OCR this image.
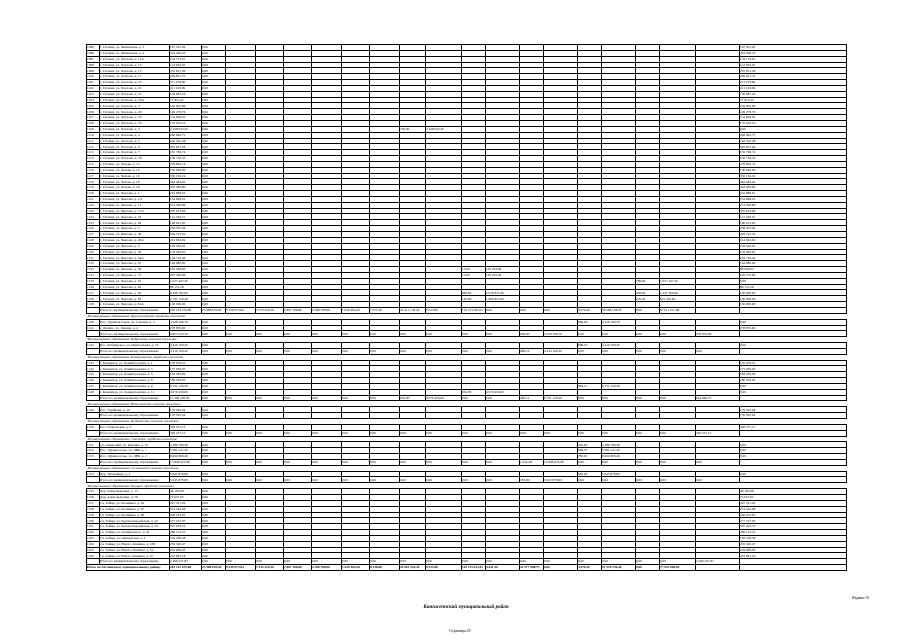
1096	г. Гатчина, ул. Филиппова, д. 3	167 301,92	0,00																		167 301,92
1096	г. Гатчина, ул. Филиппова, д. 4	419 206,43	0,00																		419 206,43
1097	г. Гатчина, ул. Хохлова, д. 11А	134 773,91	0,00																		134 773,91
1098	г. Гатчина, ул. Хохлова, д. 13	112 956,45	0,00																		112 956,45
1099	г. Гатчина, ул. Хохлова, д. 15	255 851,39	0,00																		255 851,39
1100	г. Гатчина, ул. Хохлова, д. 17	209 821,31	0,00																		209 821,31
1101	г. Гатчина, ул. Хохлова, д. 19	211 278,66	0,00																		211 278,66
1102	г. Гатчина, ул. Хохлова, д. 21	211 910,99	0,00																		211 910,99
1103	г. Гатчина, ул. Хохлова, д. 23	156 687,24	0,00																		156 687,24
1104	г. Гатчина, ул. Хохлова, д. 23А	77 913,42	0,00																		77 913,42
1105	г. Гатчина, ул. Хохлова, д. 3	164 905,86	0,00																		164 905,86
1106	г. Гатчина, ул. Хохлова, д. 29	149 278,76	0,00																		149 278,76
1107	г. Гатчина, ул. Хохлова, д. 33	154 609,02	0,00																		154 609,02
1108	г. Гатчина, ул. Хохлова, д. 35	155 616,19	0,00																		155 616,19
1109	г. Гатчина, ул. Хохлова, д. 3	2 428 933,20	0,00							750,00	2 428 933,20										0,00
1110	г. Гатчина, ул. Хохлова, д. 4	248 962,75	0,00																		248 962,75
1111	г. Гатчина, ул. Хохлова, д. 5	162 322,28	0,00																		162 322,28
1112	г. Гатчина, ул. Хохлова, д. 6	302 857,94	0,00																		302 857,94
1113	г. Гатчина, ул. Хохлова, д. 7	155 706,74	0,00																		155 706,74
1114	г. Гатчина, ул. Хохлова, д. 7Б	156 736,35	0,00																		156 736,35
1115	г. Гатчина, ул. Чехова, д. 12	278 662,74	0,00																		278 662,74
1116	г. Гатчина, ул. Чехова, д. 14	130 000,00	0,00																		130 000,00
1117	г. Гатчина, ул. Чехова, д. 16	330 156,19	0,00																		330 156,19
1118	г. Гатчина, ул. Чехова, д. 18	364 484,02	0,00																		364 484,02
1119	г. Гатчина, ул. Чехова, д. 18	418 483,80	0,00																		418 483,80
1120	г. Гатчина, ул. Чкалова, д. 1	222 868,61	0,00																		222 868,61
1121	г. Гатчина, ул. Чкалова, д. 1/2	154 998,22	0,00																		154 998,22
1122	г. Гатчина, ул. Чкалова, д. 11	214 306,86	0,00																		214 306,86
1123	г. Гатчина, ул. Чкалова, д. 17/2	335 033,66	0,00																		335 033,66
1124	г. Гатчина, ул. Чкалова, д. 18	112 249,15	0,00																		112 249,15
1125	г. Гатчина, ул. Чкалова, д. 20	160 612,95	0,00																		160 612,95
1126	г. Гатчина, ул. Чкалова, д. 3	258 505,94	0,00																		258 505,94
1127	г. Гатчина, ул. Чкалова, д. 36	204 722,32	0,00																		204 722,32
1128	г. Гатчина, ул. Чкалова, д. 45А	214 002,02	0,00																		214 002,02
1129	г. Гатчина, ул. Чкалова, д. 5	194 520,02	0,00																		194 520,02
1130	г. Гатчина, ул. Чкалова, д. 50	179 382,65	0,00																		179 382,65
1131	г. Гатчина, ул. Чкалова, д. 54А	104 716,46	0,00																		104 716,46
1132	г. Гатчина, ул. Чкалова, д. 55	164 980,00	0,00																		164 980,00
1133	г. Гатчина, ул. Чкалова, д. 56	105 248,83	0,00									13,00	105 222,00								98 026,83
1134	г. Гатчина, ул. Чкалова, д. 57	207 596,96	0,00									13,00	105 222,00								102 372,96
1135	г. Гатчина, ул. Чкалова, д. 61	1 027 447,20	0,00															789,00	1 027 447,20		0,00
1136	г. Гатчина, ул. Чкалова, д. 63	88 131,28	0,00																		88 131,28
1137	г. Гатчина, ул. Чкалова, д. 65	6 296 182,00	0,00									882,60	2 918 821,90					456,00	1 247 360,40		130 000,00
1138	г. Гатчина, ул. Чкалова, д. 65	2 741 120,40	0,00									165,00	1 969 827,60					205,30	641 302,80		130 000,00
1139	г. Гатчина, ул. Чкалова, д. 61А	130 000,00	0,00																		130 000,00
	Итого по муниципальному образованию	282 164 223,96	23 988 035,84	5 539 073,84	7 533 520,20	2 867 188,80	2 388 708,00	1 659 484,20	7 675,30	41 011 178,45	9 523,80	110 733 925,01	0,00	0,00	0,00	3 070,20	38 268 138,43	0,00	67 011 011,08		
Муниципальное образование Дружногорское городское поселение																					
1140	Пос. Дружная Горка, ул. Садовая, д. 4	4 528 166,79	0,00													666,00	4 528 166,79				0,00
1141	г. Орлино, ул. Ленина, д. 4	278 876,60	0,00																		278 876,60
	Итого по муниципальному образованию	4 807 043,39	0,00	0,00	0,00	0,00	0,00	0,00	0,00	0,00	0,00	0,00	0,00	666,00	4 528 166,79	0,00	0,00	0,00	0,00	278 876,60	
Муниципальное образование Кобринское сельское поселение																					
1142	Пос. Кобринское, ул. Центральная, д. 74	4 410 109,20	0,00													968,10	4 410 109,20				0,00
	Итого по муниципальному образованию	4 410 109,20	0,00	0,00	0,00	0,00	0,00	0,00	0,00	0,00	0,00	0,00	0,00	968,10	4 410 109,20	0,00	0,00	0,00	0,00	0,00	
Муниципальное образование Коммунарское городское поселение																					
1143	г. Коммунар, ул. Ленинградская, д. 1	105 978,41	0,00																		105 978,41
1144	г. Коммунар, ул. Ленинградская, д. 3	175 039,05	0,00																		175 039,05
1145	г. Коммунар, ул. Ленинградская, д. 5	183 265,09	0,00																		183 265,09
1146	г. Коммунар, ул. Ленинградская, д. 8	180 563,92	0,00																		180 563,92
1147	г. Коммунар, ул. Ленинградская, д. 9	6 751 126,36	0,00													482,12	6 751 126,36				0,00
1148	г. Коммунар, ул. Ленинградская, д. 11	4 070 456,00	0,00									632,00	4 070 456,00								0,00
	Итого по муниципальному образованию	11 466 429,09	0,00	0,00	0,00	0,00	0,00	0,00	0,00	632,00	4 070 456,00	0,00	0,00	482,12	6 751 126,36	0,00	0,00	0,00	0,00	644 846,73	
Муниципальное образование Новосветское сельское поселение																					
1149	Пос. Терийоки, д. 10	176 595,04	0,00																		176 595,04
	Итого по муниципальному образованию	176 595,04	0,00																		176 595,04
Муниципальное образование Пудомягское сельское поселение																					
1150	Пос. Покровская, д. 4	326 237,15	0,00																		326 237,15
	Итого по муниципальному образованию	326 237,15	0,00	0,00	0,00	0,00	0,00	0,00	0,00	0,00	0,00	0,00	0,00	0,00	0,00	0,00	0,00	0,00	0,00	326 237,15	
Муниципальное образование Сиверское городское поселение																					
1151	г.п. Сиверский, ул. Красина, д. 57	3 286 768,38	0,00													350,00	3 286 768,38				0,00
1152	Пос. Дружноселье, ул. ДВБ, д. 1	3 961 247,20	0,00													609,37	3 961 247,20				0,00
1153	Пос. Дружноселье, ул. ДВБ, д. 2	6 600 608,40	0,00													782,91	6 600 608,40				0,00
	Итого по муниципальному образованию	13 848 623,98	0,00	0,00	0,00	0,00	0,00	0,00	0,00	0,00	0,00	0,00	0,00	1 942,28	13 848 623,98	0,00	0,00	0,00	0,00	0,00	
Муниципальное образование Сусанинское сельское поселение																					
1154	Дер. Тихковицы, д. 2	5 645 878,80	0,00													583,00	5 645 878,80				0,00
	Итого по муниципальному образованию	5 645 878,80	0,00	0,00	0,00	0,00	0,00	0,00	0,00	0,00	0,00	0,00	0,00	583,00	5 645 878,80	0,00	0,00	0,00	0,00	0,00	
Муниципальное образование Таицкое городское поселение																					
1155	Дер. Александровка, д. 15	48 105,98	0,00																		48 105,98
1156	Дер. Александровка, д. 78	74 027,63	0,00																		74 027,63
1157	г.п. Тайцы, ул. Калинина, д. 61	247 321,92	0,00																		247 321,92
1158	г.п. Тайцы, ул. Калинина, д. 67	214 344,08	0,00																		214 344,08
1159	г.п. Тайцы, ул. Калинина, д. 69	246 253,95	0,00																		246 253,95
1160	г.п. Тайцы, ул. Красногвардейская, д. 22	277 197,05	0,00																		277 197,05
1161	г.п. Тайцы, ул. Красногвардейская, д. 24	307 293,70	0,00																		307 293,70
1162	г.п. Тайцы, ул. Октябрьского, д. 41	266 152,41	0,00																		266 152,41
1163	г.п. Тайцы, ул. Пионерская, д. 2	192 438,58	0,00																		192 438,58
1164	г.п. Тайцы, ул. Юного Ленинца, д. 108	235 320,47	0,00																		235 320,47
1165	г.п. Тайцы, ул. Юного Ленинца, д. 52	219 609,03	0,00																		219 609,03
1166	г.п. Тайцы, ул. Юного Ленинца, д. 97	243 081,18	0,00																		243 081,18
	Итого по муниципальному образованию	2 496 521,87	0,00	0,00	0,00	0,00	0,00	0,00	0,00	0,00	0,00	0,00	0,00	0,00	0,00	0,00	0,00	0,00	0,00	2 496 521,87	
Итого по Гатчинскому муниципальному району		201 312 675,66	23 988 035,84	5 539 073,84	7 533 520,20	2 867 188,80	2 388 708,00	1 659 484,20	8 338,80	45 081 554,45	9 523,80	110 733 925,01	4 631,50	41 977 988,73	0,00	3 070,20	51 576 236,40	0,00	77 933 060,85		
Кингисеппский муниципальный район
Страница 25
Издание 10
